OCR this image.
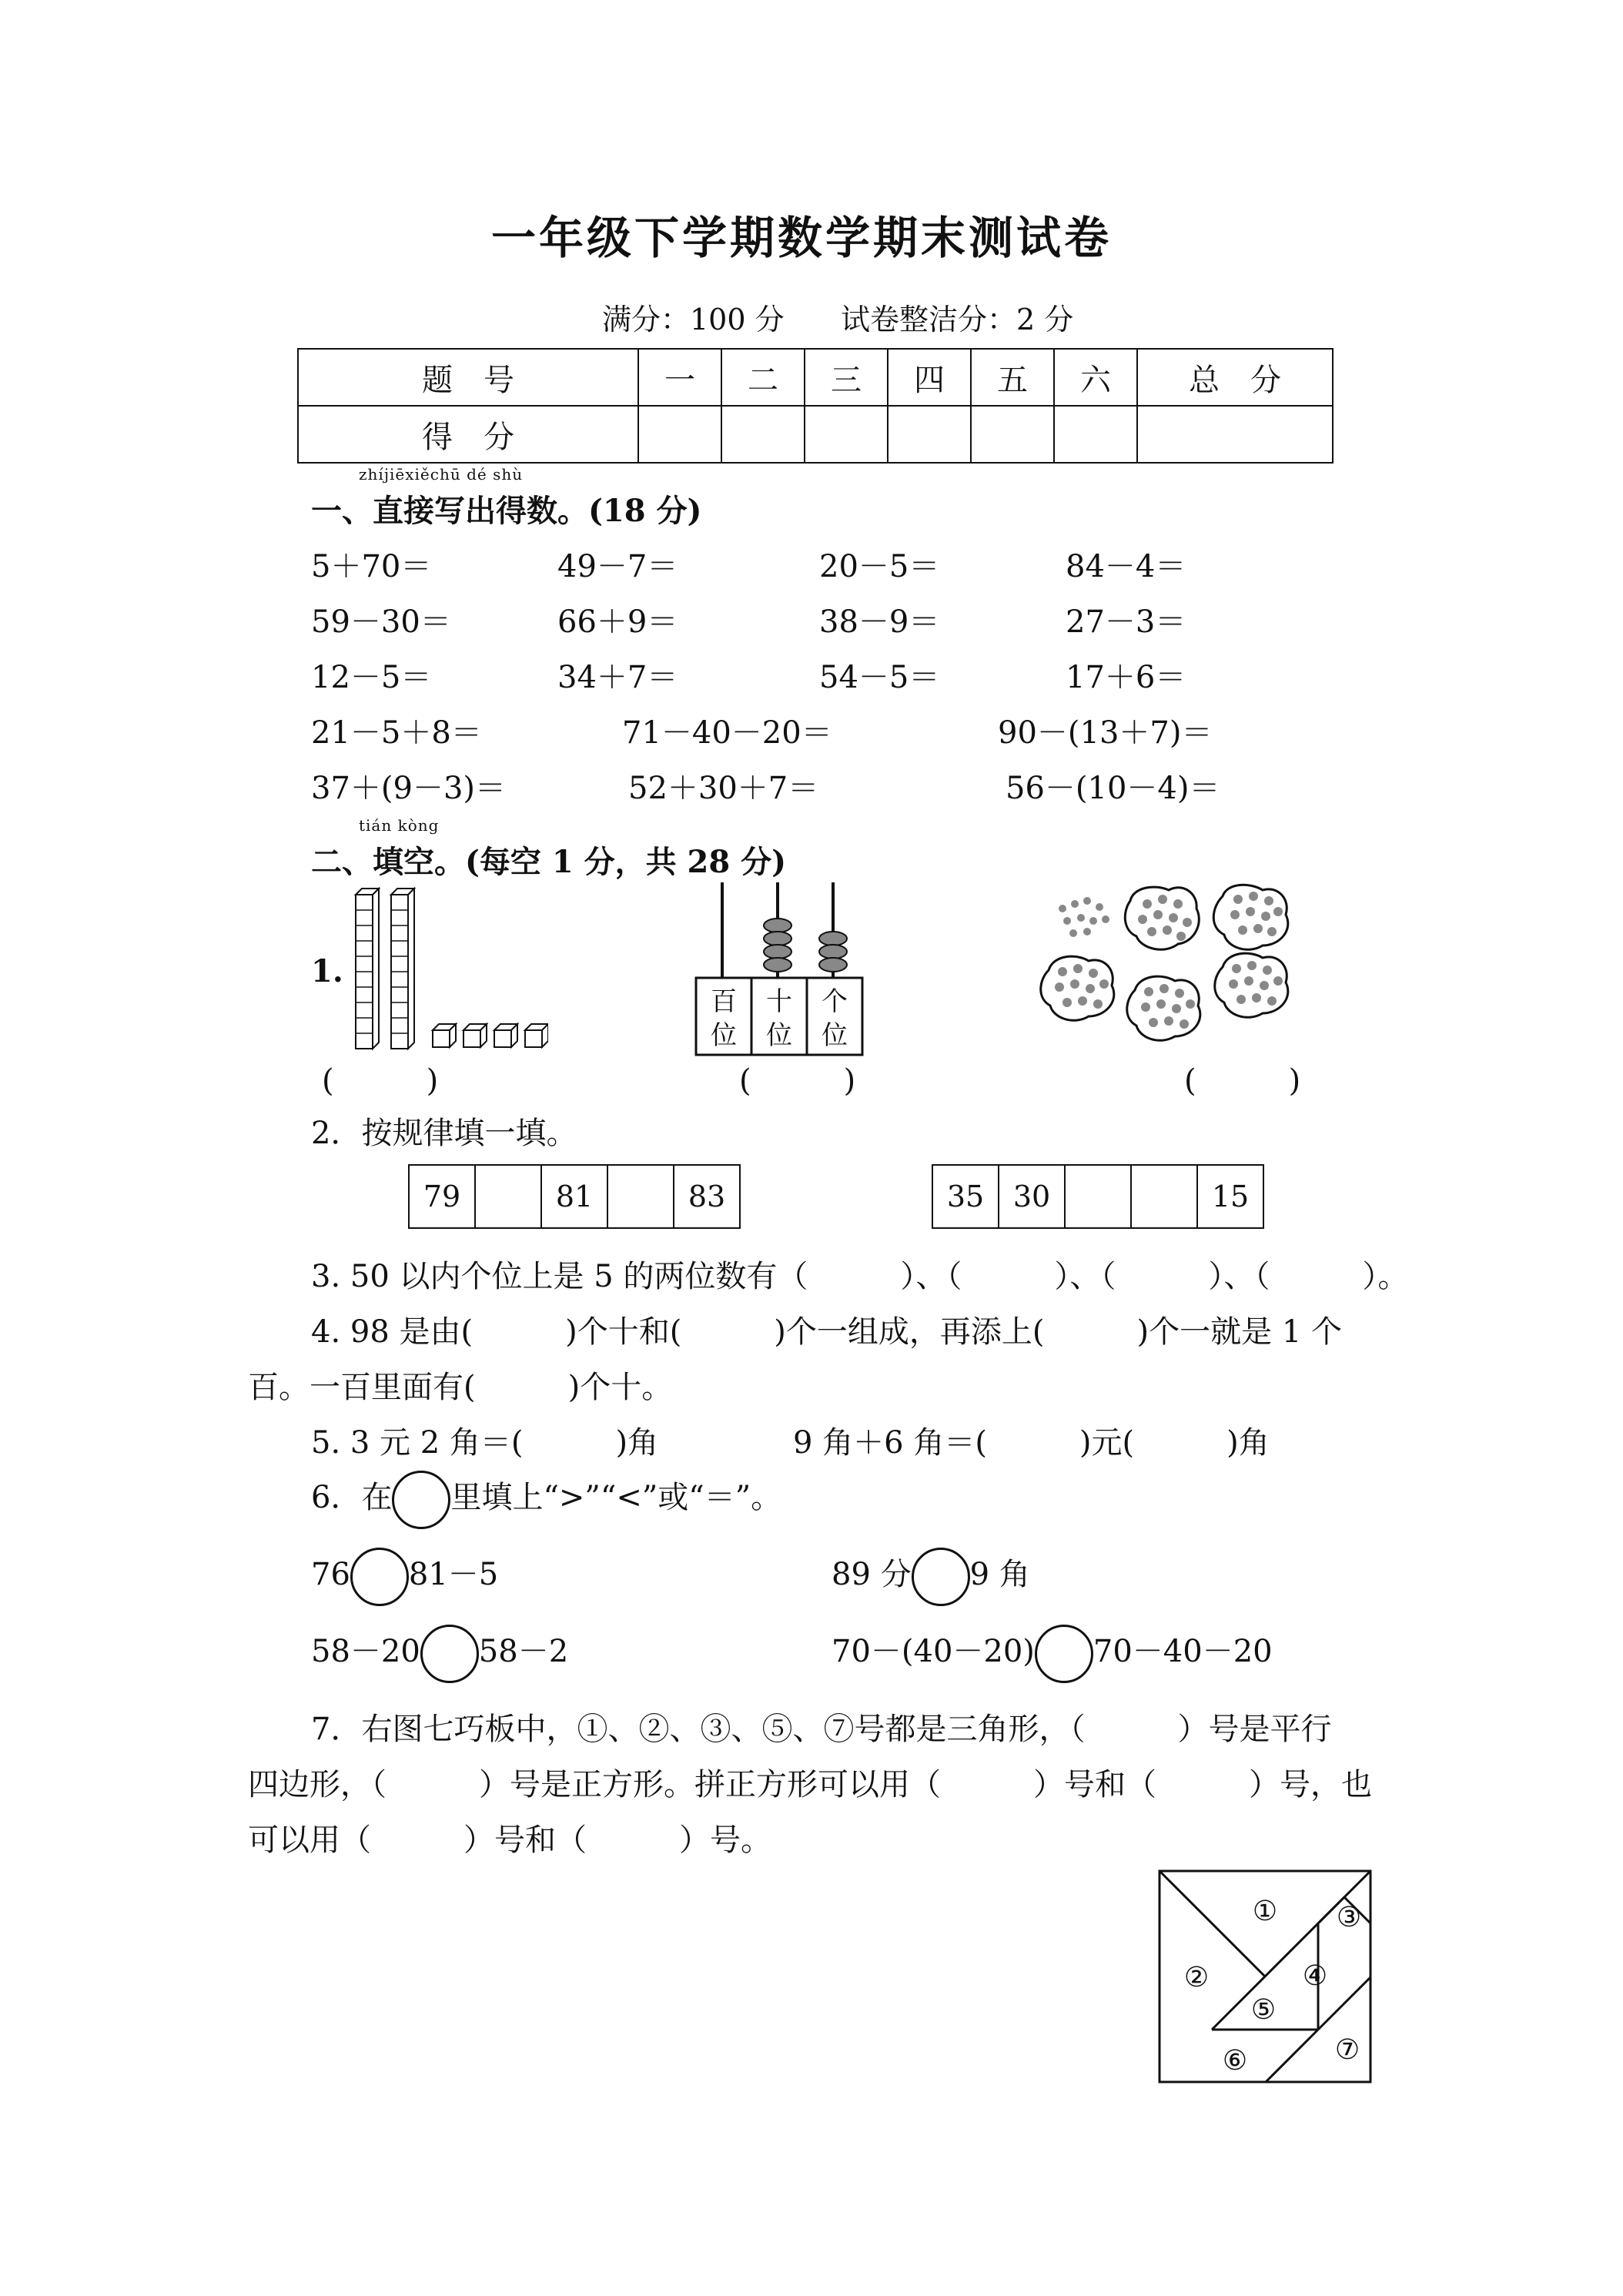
一年级下学期数学期末测试卷
满分：100 分 试卷整洁分：2 分
题　号	一	二	三	四	五	六	总　分
得　分							
zhíjiēxiěchū dé shù
一、直接写出得数。(18 分)
5＋70＝	49－7＝	20－5＝	84－4＝
59－30＝	66＋9＝	38－9＝	27－3＝
12－5＝	34＋7＝	54－5＝	17＋6＝
21－5＋8＝	71－40－20＝	90－(13＋7)＝
37＋(9－3)＝	52＋30＋7＝	56－(10－4)＝
tián kòng
二、填空。(每空 1 分，共 28 分)
1.
百
位
十
位
个
位
(　　　)	(　　　)	(　　　)
2．按规律填一填。
79		81		83	35	30			15
3. 50 以内个位上是 5 的两位数有（　　　）、（　　　）、（　　　）、（　　　）。
4. 98 是由(　　　)个十和(　　　)个一组成，再添上(　　　)个一就是 1 个
百。一百里面有(　　　)个十。
5. 3 元 2 角＝(　　　)角	9 角＋6 角＝(　　　)元(　　　)角
6．在 里填上“>”“<”或“＝”。
76 81－5	89 分 9 角
58－20 58－2	70－(40－20) 70－40－20
7．右图七巧板中，①、②、③、⑤、⑦号都是三角形，（　　　）号是平行
四边形，（　　　）号是正方形。拼正方形可以用（　　　）号和（　　　）号，也
可以用（　　　）号和（　　　）号。
①
②
③
④
⑤
⑥	⑦
